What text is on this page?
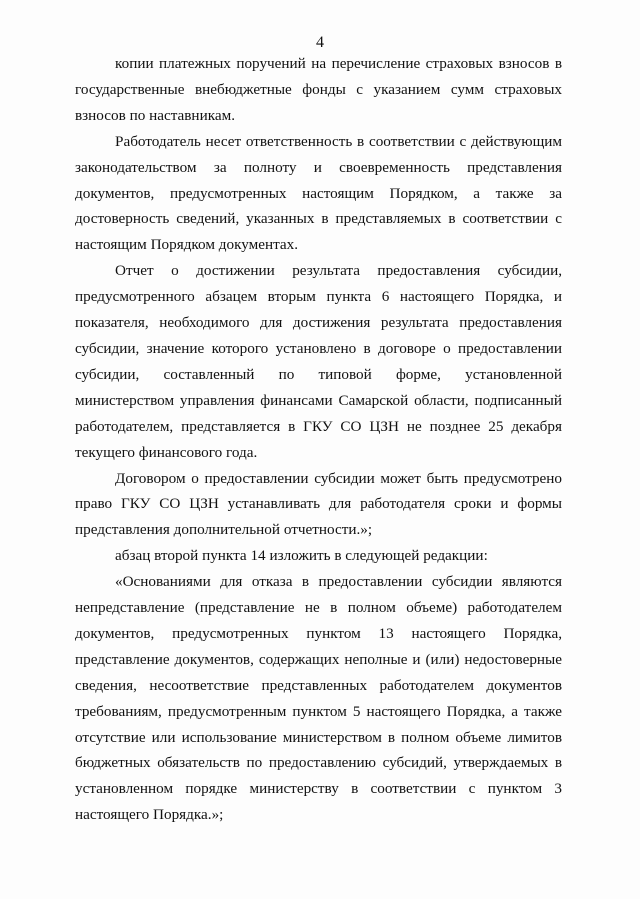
4

копии платежных поручений на перечисление страховых взносов в государственные внебюджетные фонды с указанием сумм страховых взносов по наставникам.

Работодатель несет ответственность в соответствии с действующим законодательством за полноту и своевременность представления документов, предусмотренных настоящим Порядком, а также за достоверность сведений, указанных в представляемых в соответствии с настоящим Порядком документах.

Отчет о достижении результата предоставления субсидии, предусмотренного абзацем вторым пункта 6 настоящего Порядка, и показателя, необходимого для достижения результата предоставления субсидии, значение которого установлено в договоре о предоставлении субсидии, составленный по типовой форме, установленной министерством управления финансами Самарской области, подписанный работодателем, представляется в ГКУ СО ЦЗН не позднее 25 декабря текущего финансового года.

Договором о предоставлении субсидии может быть предусмотрено право ГКУ СО ЦЗН устанавливать для работодателя сроки и формы представления дополнительной отчетности.»;

абзац второй пункта 14 изложить в следующей редакции:

«Основаниями для отказа в предоставлении субсидии являются непредставление (представление не в полном объеме) работодателем документов, предусмотренных пунктом 13 настоящего Порядка, представление документов, содержащих неполные и (или) недостоверные сведения, несоответствие представленных работодателем документов требованиям, предусмотренным пунктом 5 настоящего Порядка, а также отсутствие или использование министерством в полном объеме лимитов бюджетных обязательств по предоставлению субсидий, утверждаемых в установленном порядке министерству в соответствии с пунктом 3 настоящего Порядка.»;
